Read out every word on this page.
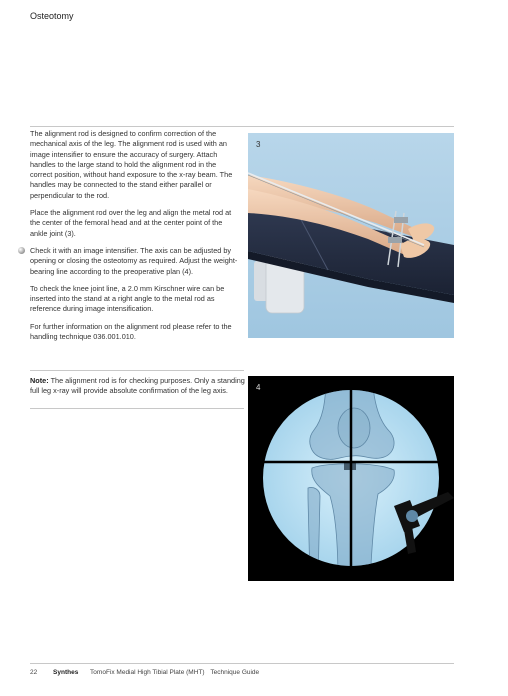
Osteotomy

The alignment rod is designed to confirm correction of the mechanical axis of the leg. The alignment rod is used with an image intensifier to ensure the accuracy of surgery. Attach handles to the large stand to hold the alignment rod in the correct position, without hand exposure to the x-ray beam. The handles may be connected to the stand either parallel or perpendicular to the rod.

Place the alignment rod over the leg and align the metal rod at the center of the femoral head and at the center point of the ankle joint (3).

Check it with an image intensifier. The axis can be adjusted by opening or closing the osteotomy as required. Adjust the weight-bearing line according to the preoperative plan (4).

To check the knee joint line, a 2.0 mm Kirschner wire can be inserted into the stand at a right angle to the metal rod as reference during image intensification.

For further information on the alignment rod please refer to the handling technique 036.001.010.

Note: The alignment rod is for checking purposes. Only a standing full leg x-ray will provide absolute confirmation of the leg axis.
3
4
22 Synthes TomoFix Medial High Tibial Plate (MHT) Technique Guide
